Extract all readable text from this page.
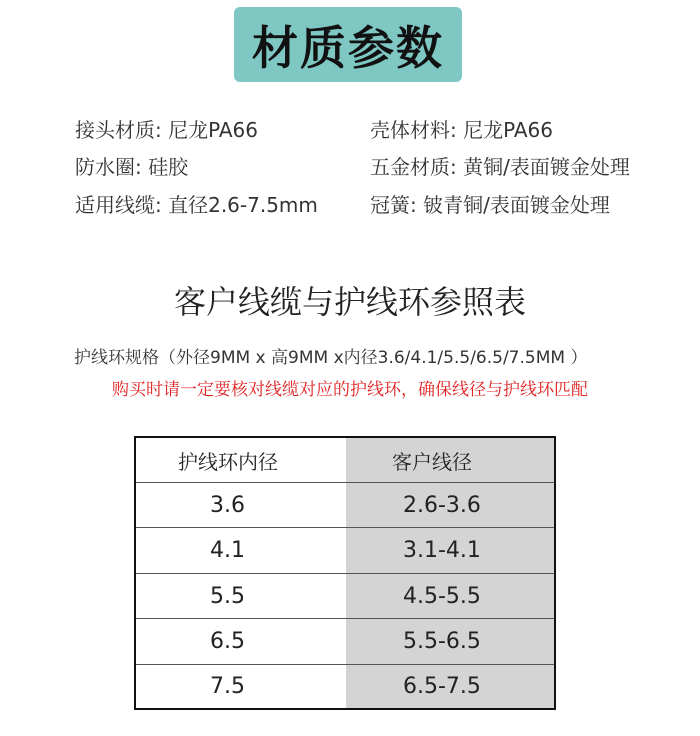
材质参数
接头材质: 尼龙PA66	壳体材料: 尼龙PA66
防水圈: 硅胶	五金材质: 黄铜/表面镀金处理
适用线缆: 直径2.6-7.5mm	冠簧: 铍青铜/表面镀金处理
客户线缆与护线环参照表
护线环规格（外径9MM x 高9MM x内径3.6/4.1/5.5/6.5/7.5MM ）
购买时请一定要核对线缆对应的护线环，确保线径与护线环匹配
护线环内径	客户线径
3.6	2.6-3.6
4.1	3.1-4.1
5.5	4.5-5.5
6.5	5.5-6.5
7.5	6.5-7.5
